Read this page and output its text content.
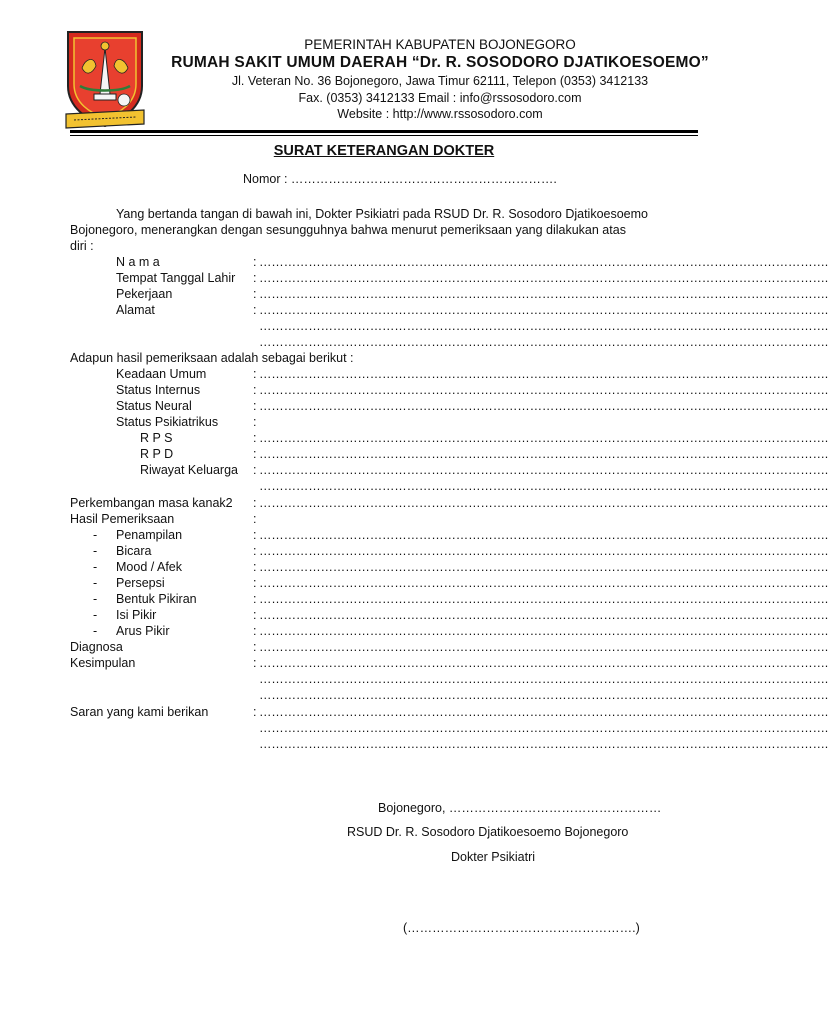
PEMERINTAH KABUPATEN BOJONEGORO
RUMAH SAKIT UMUM DAERAH “Dr. R. SOSODORO DJATIKOESOEMO”
Jl. Veteran No. 36 Bojonegoro, Jawa Timur 62111, Telepon (0353) 3412133
Fax. (0353) 3412133 Email : info@rssosodoro.com
Website : http://www.rssosodoro.com
SURAT KETERANGAN DOKTER
Nomor : ……………………………………………………….
Yang bertanda tangan di bawah ini, Dokter Psikiatri pada RSUD Dr. R. Sosodoro Djatikoesoemo
Bojonegoro, menerangkan dengan sesungguhnya bahwa menurut pemeriksaan yang dilakukan atas
diri :
N a m a	: ………………………………………………………………………………………………………………………….
Tempat Tanggal Lahir : ………………………………………………………………………………………………………………………….
Pekerjaan	: ………………………………………………………………………………………………………………………….
Alamat	: ………………………………………………………………………………………………………………………….
………………………………………………………………………………………………………………………….
………………………………………………………………………………………………………………………….
Adapun hasil pemeriksaan adalah sebagai berikut :
Keadaan Umum	: ………………………………………………………………………………………………………………………….
Status Internus	: ………………………………………………………………………………………………………………………….
Status Neural	: ………………………………………………………………………………………………………………………….
Status Psikiatrikus	:
R P S	: ………………………………………………………………………………………………………………………….
R P D	: ………………………………………………………………………………………………………………………….
Riwayat Keluarga : ………………………………………………………………………………………………………………………….
………………………………………………………………………………………………………………………….
Perkembangan masa kanak2 : ………………………………………………………………………………………………………………………….
Hasil Pemeriksaan	:
- Penampilan	: ………………………………………………………………………………………………………………………….
- Bicara	: ………………………………………………………………………………………………………………………….
- Mood / Afek	: ………………………………………………………………………………………………………………………….
- Persepsi	: ………………………………………………………………………………………………………………………….
- Bentuk Pikiran	: ………………………………………………………………………………………………………………………….
- Isi Pikir	: ………………………………………………………………………………………………………………………….
- Arus Pikir	: ………………………………………………………………………………………………………………………….
Diagnosa	: ………………………………………………………………………………………………………………………….
Kesimpulan	: ………………………………………………………………………………………………………………………….
………………………………………………………………………………………………………………………….
………………………………………………………………………………………………………………………….
Saran yang kami berikan	: ………………………………………………………………………………………………………………………….
………………………………………………………………………………………………………………………….
………………………………………………………………………………………………………………………….
Bojonegoro, ……………………………………………
RSUD Dr. R. Sosodoro Djatikoesoemo Bojonegoro
Dokter Psikiatri
(……………………………………………….)
